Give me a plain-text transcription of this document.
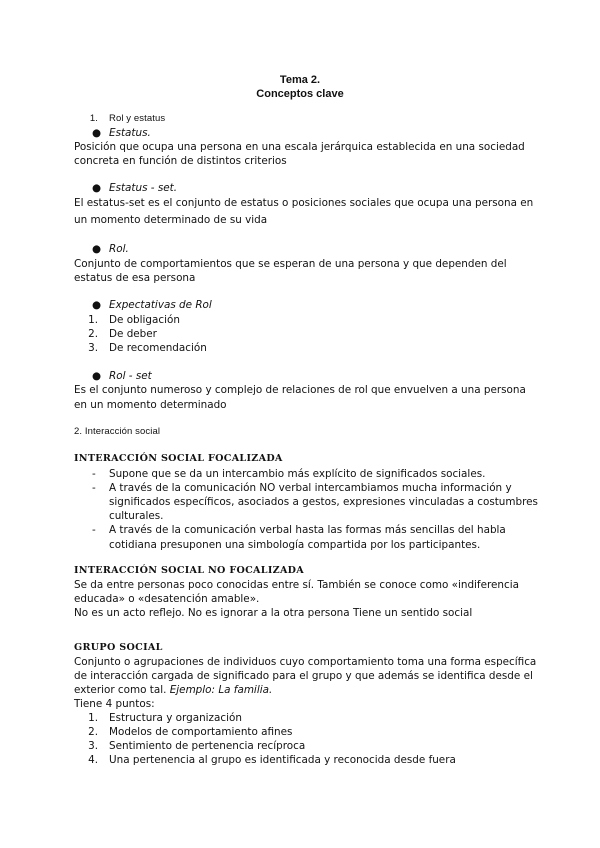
Tema 2.
Conceptos clave
1. Rol y estatus
● Estatus.
Posición que ocupa una persona en una escala jerárquica establecida en una sociedad
concreta en función de distintos criterios
● Estatus - set.
El estatus-set es el conjunto de estatus o posiciones sociales que ocupa una persona en
un momento determinado de su vida
● Rol.
Conjunto de comportamientos que se esperan de una persona y que dependen del
estatus de esa persona
● Expectativas de Rol
1. De obligación
2. De deber
3. De recomendación
● Rol - set
Es el conjunto numeroso y complejo de relaciones de rol que envuelven a una persona
en un momento determinado
2. Interacción social
INTERACCIÓN SOCIAL FOCALIZADA
- Supone que se da un intercambio más explícito de significados sociales.
- A través de la comunicación NO verbal intercambiamos mucha información y
significados específicos, asociados a gestos, expresiones vinculadas a costumbres
culturales.
- A través de la comunicación verbal hasta las formas más sencillas del habla
cotidiana presuponen una simbología compartida por los participantes.
INTERACCIÓN SOCIAL NO FOCALIZADA
Se da entre personas poco conocidas entre sí. También se conoce como «indiferencia
educada» o «desatención amable».
No es un acto reflejo. No es ignorar a la otra persona Tiene un sentido social
GRUPO SOCIAL
Conjunto o agrupaciones de individuos cuyo comportamiento toma una forma específica
de interacción cargada de significado para el grupo y que además se identifica desde el
exterior como tal. Ejemplo: La familia.
Tiene 4 puntos:
1. Estructura y organización
2. Modelos de comportamiento afines
3. Sentimiento de pertenencia recíproca
4. Una pertenencia al grupo es identificada y reconocida desde fuera
